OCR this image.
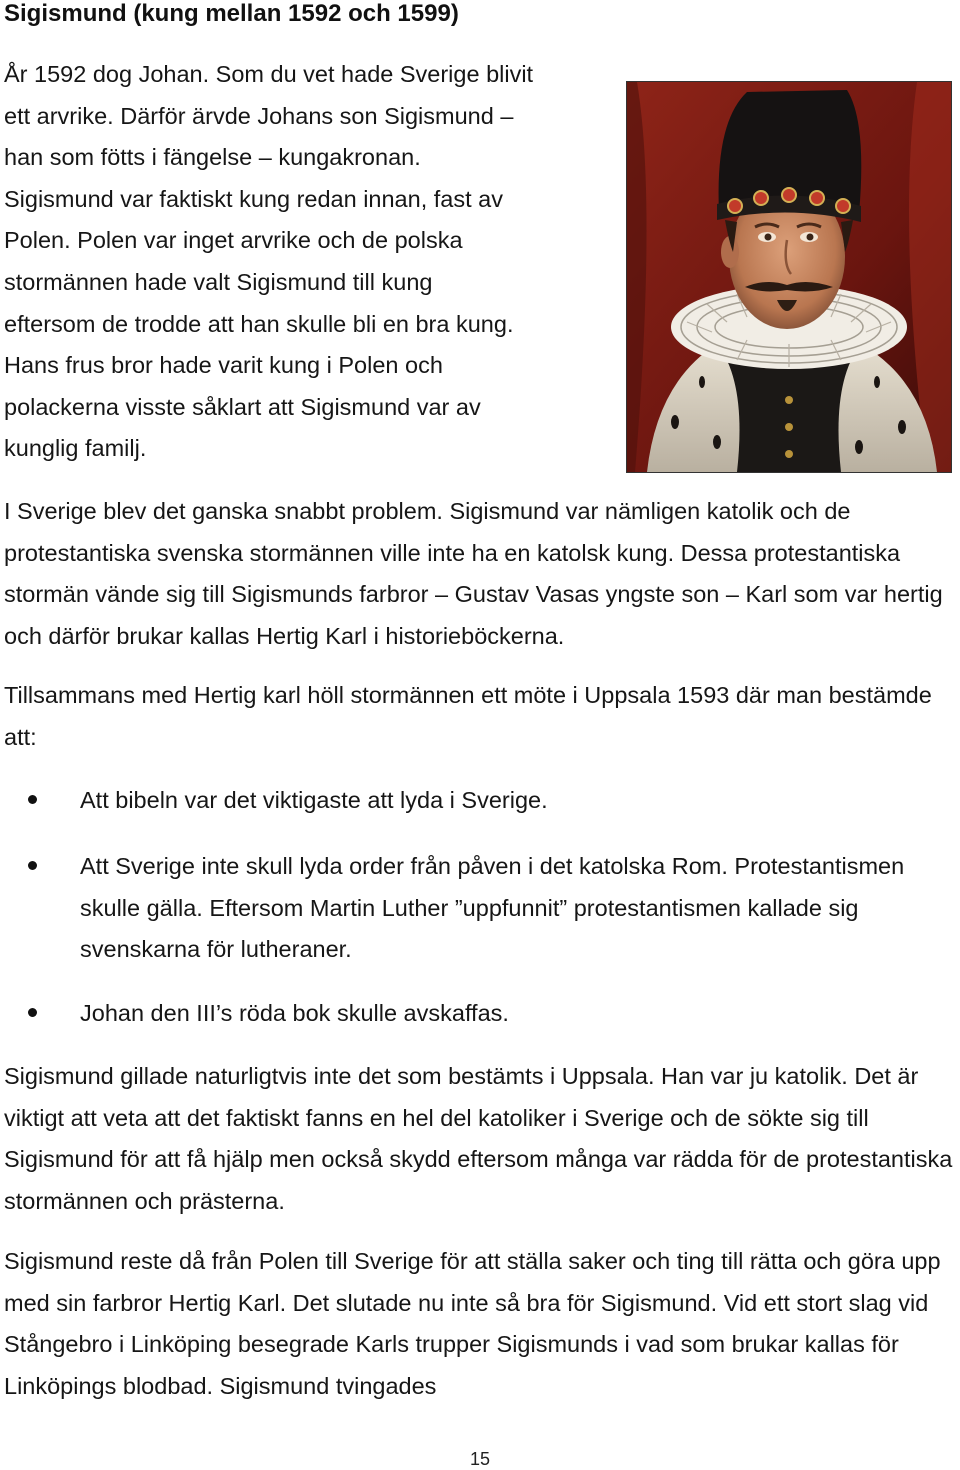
Sigismund (kung mellan 1592 och 1599)
År 1592 dog Johan. Som du vet hade Sverige blivit
ett arvrike. Därför ärvde Johans son Sigismund –
han som fötts i fängelse – kungakronan.
Sigismund var faktiskt kung redan innan, fast av
Polen. Polen var inget arvrike och de polska
stormännen hade valt Sigismund till kung
eftersom de trodde att han skulle bli en bra kung.
Hans frus bror hade varit kung i Polen och
polackerna visste såklart att Sigismund var av
kunglig familj.

I Sverige blev det ganska snabbt problem. Sigismund var nämligen katolik och de protestantiska svenska stormännen ville inte ha en katolsk kung. Dessa protestantiska stormän vände sig till Sigismunds farbror – Gustav Vasas yngste son – Karl som var hertig och därför brukar kallas Hertig Karl i historieböckerna.

Tillsammans med Hertig karl höll stormännen ett möte i Uppsala 1593 där man bestämde att:

Att bibeln var det viktigaste att lyda i Sverige.
Att Sverige inte skull lyda order från påven i det katolska Rom. Protestantismen skulle gälla. Eftersom Martin Luther ”uppfunnit” protestantismen kallade sig svenskarna för lutheraner.
Johan den III’s röda bok skulle avskaffas.

Sigismund gillade naturligtvis inte det som bestämts i Uppsala. Han var ju katolik. Det är viktigt att veta att det faktiskt fanns en hel del katoliker i Sverige och de sökte sig till Sigismund för att få hjälp men också skydd eftersom många var rädda för de protestantiska stormännen och prästerna.

Sigismund reste då från Polen till Sverige för att ställa saker och ting till rätta och göra upp med sin farbror Hertig Karl. Det slutade nu inte så bra för Sigismund. Vid ett stort slag vid Stångebro i Linköping besegrade Karls trupper Sigismunds i vad som brukar kallas för Linköpings blodbad. Sigismund tvingades

15
